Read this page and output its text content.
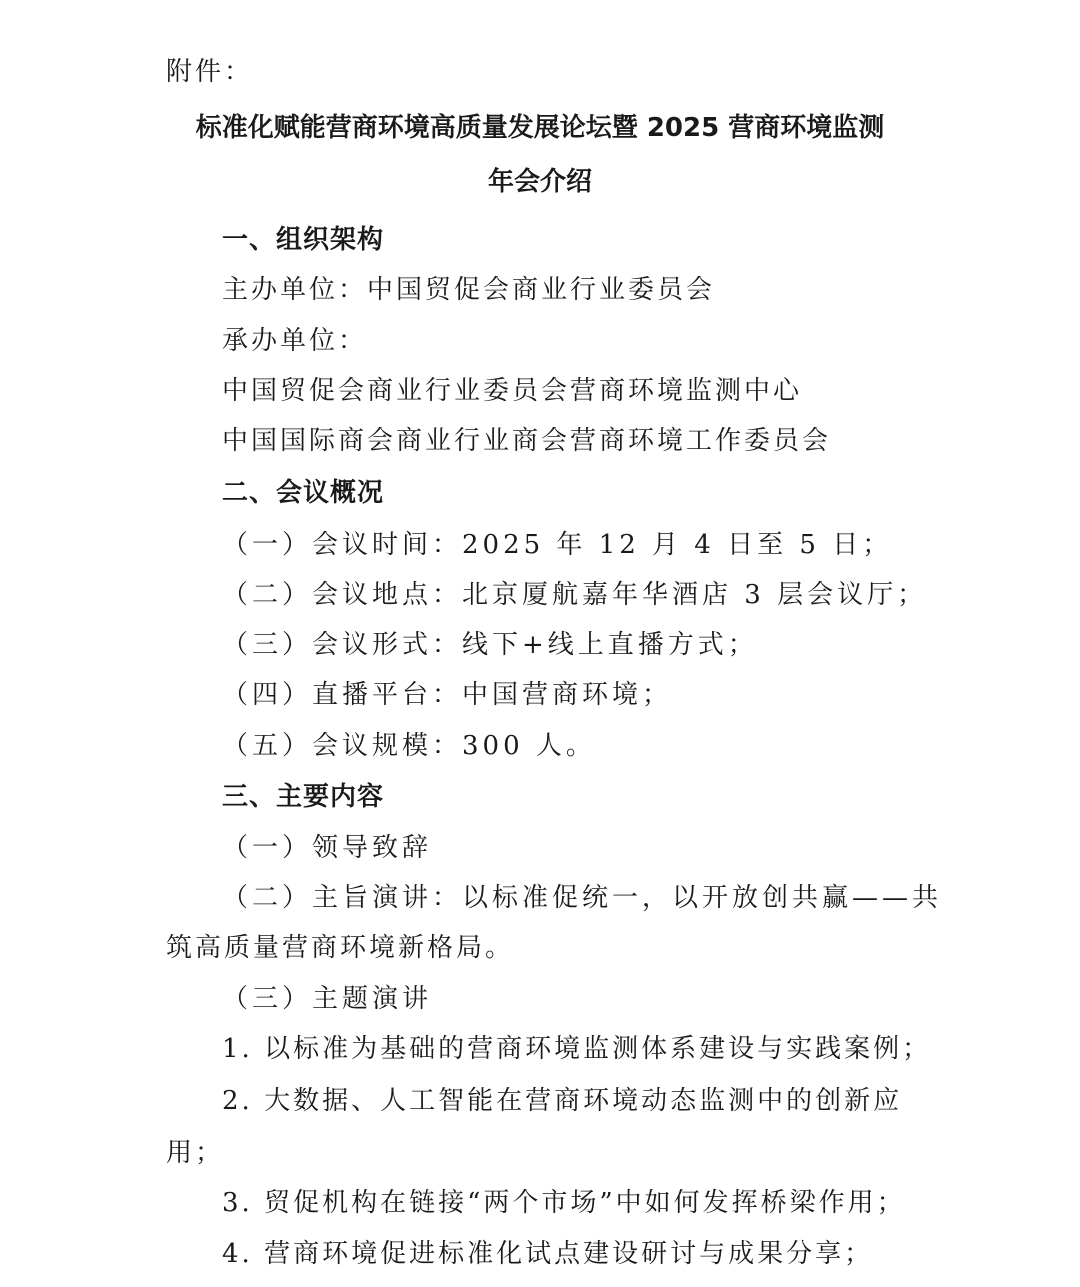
附件：
标准化赋能营商环境高质量发展论坛暨 2025 营商环境监测
年会介绍
一、组织架构
主办单位：中国贸促会商业行业委员会
承办单位：
中国贸促会商业行业委员会营商环境监测中心
中国国际商会商业行业商会营商环境工作委员会
二、会议概况
（一）会议时间：2025 年 12 月 4 日至 5 日；
（二）会议地点：北京厦航嘉年华酒店 3 层会议厅；
（三）会议形式：线下+线上直播方式；
（四）直播平台：中国营商环境；
（五）会议规模：300 人。
三、主要内容
（一）领导致辞
（二）主旨演讲：以标准促统一，以开放创共赢——共
筑高质量营商环境新格局。
（三）主题演讲
1. 以标准为基础的营商环境监测体系建设与实践案例；
2. 大数据、人工智能在营商环境动态监测中的创新应
用；
3. 贸促机构在链接“两个市场”中如何发挥桥梁作用；
4. 营商环境促进标准化试点建设研讨与成果分享；
